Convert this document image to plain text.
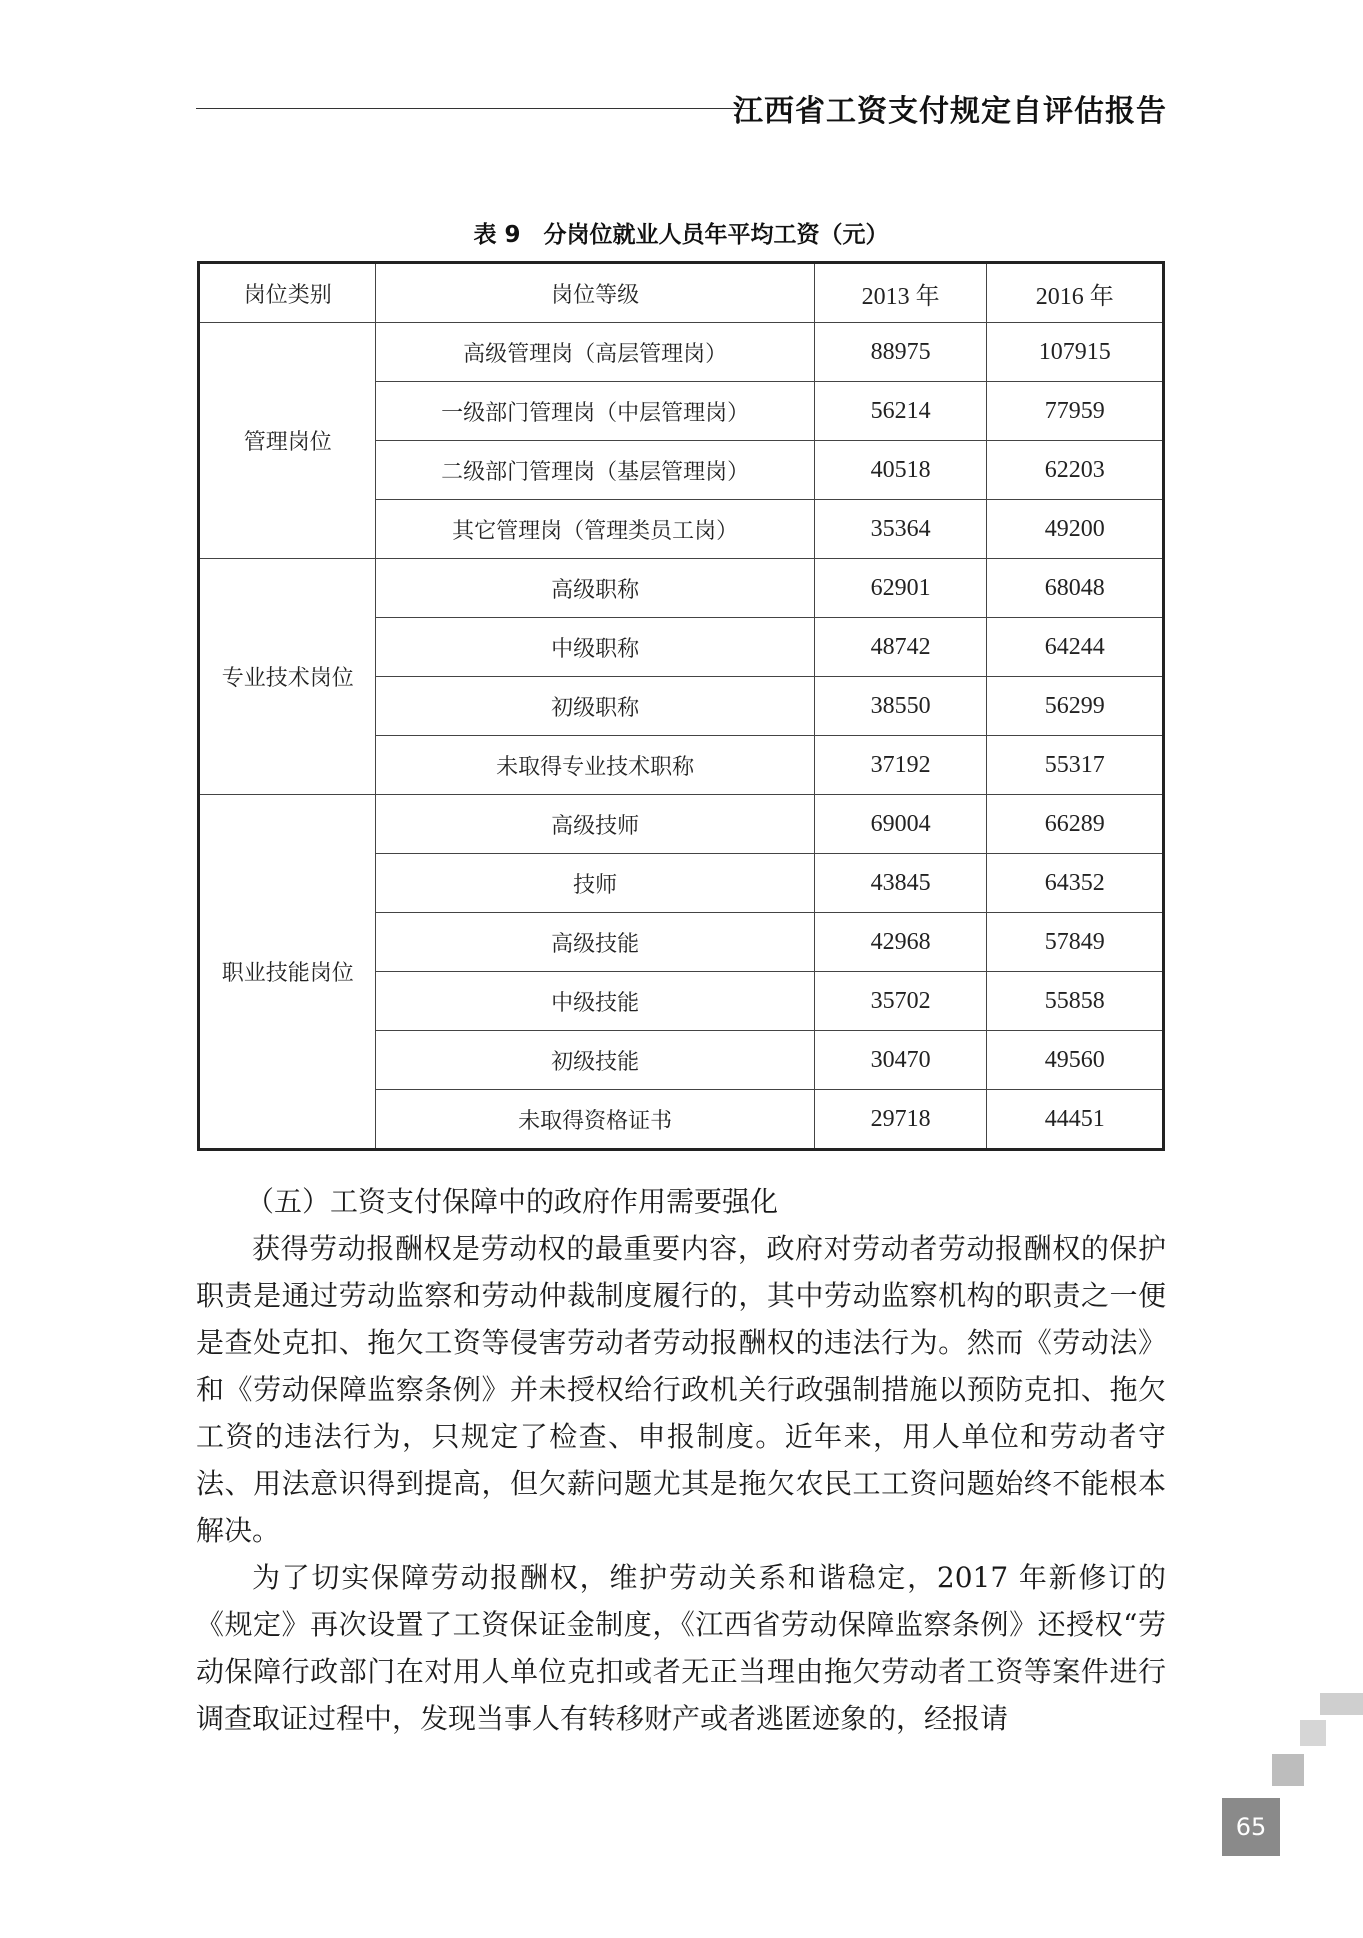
江西省工资支付规定自评估报告
表 9　分岗位就业人员年平均工资（元）
岗位类别	岗位等级	2013 年	2016 年
管理岗位	高级管理岗（高层管理岗）	88975	107915
	一级部门管理岗（中层管理岗）	56214	77959
	二级部门管理岗（基层管理岗）	40518	62203
	其它管理岗（管理类员工岗）	35364	49200
专业技术岗位	高级职称	62901	68048
	中级职称	48742	64244
	初级职称	38550	56299
	未取得专业技术职称	37192	55317
职业技能岗位	高级技师	69004	66289
	技师	43845	64352
	高级技能	42968	57849
	中级技能	35702	55858
	初级技能	30470	49560
	未取得资格证书	29718	44451
（五）工资支付保障中的政府作用需要强化

获得劳动报酬权是劳动权的最重要内容，政府对劳动者劳动报酬权的保护职责是通过劳动监察和劳动仲裁制度履行的，其中劳动监察机构的职责之一便是查处克扣、拖欠工资等侵害劳动者劳动报酬权的违法行为。然而《劳动法》和《劳动保障监察条例》并未授权给行政机关行政强制措施以预防克扣、拖欠工资的违法行为，只规定了检查、申报制度。近年来，用人单位和劳动者守法、用法意识得到提高，但欠薪问题尤其是拖欠农民工工资问题始终不能根本解决。

为了切实保障劳动报酬权，维护劳动关系和谐稳定，2017 年新修订的《规定》再次设置了工资保证金制度，《江西省劳动保障监察条例》还授权“劳动保障行政部门在对用人单位克扣或者无正当理由拖欠劳动者工资等案件进行调查取证过程中，发现当事人有转移财产或者逃匿迹象的，经报请

65
